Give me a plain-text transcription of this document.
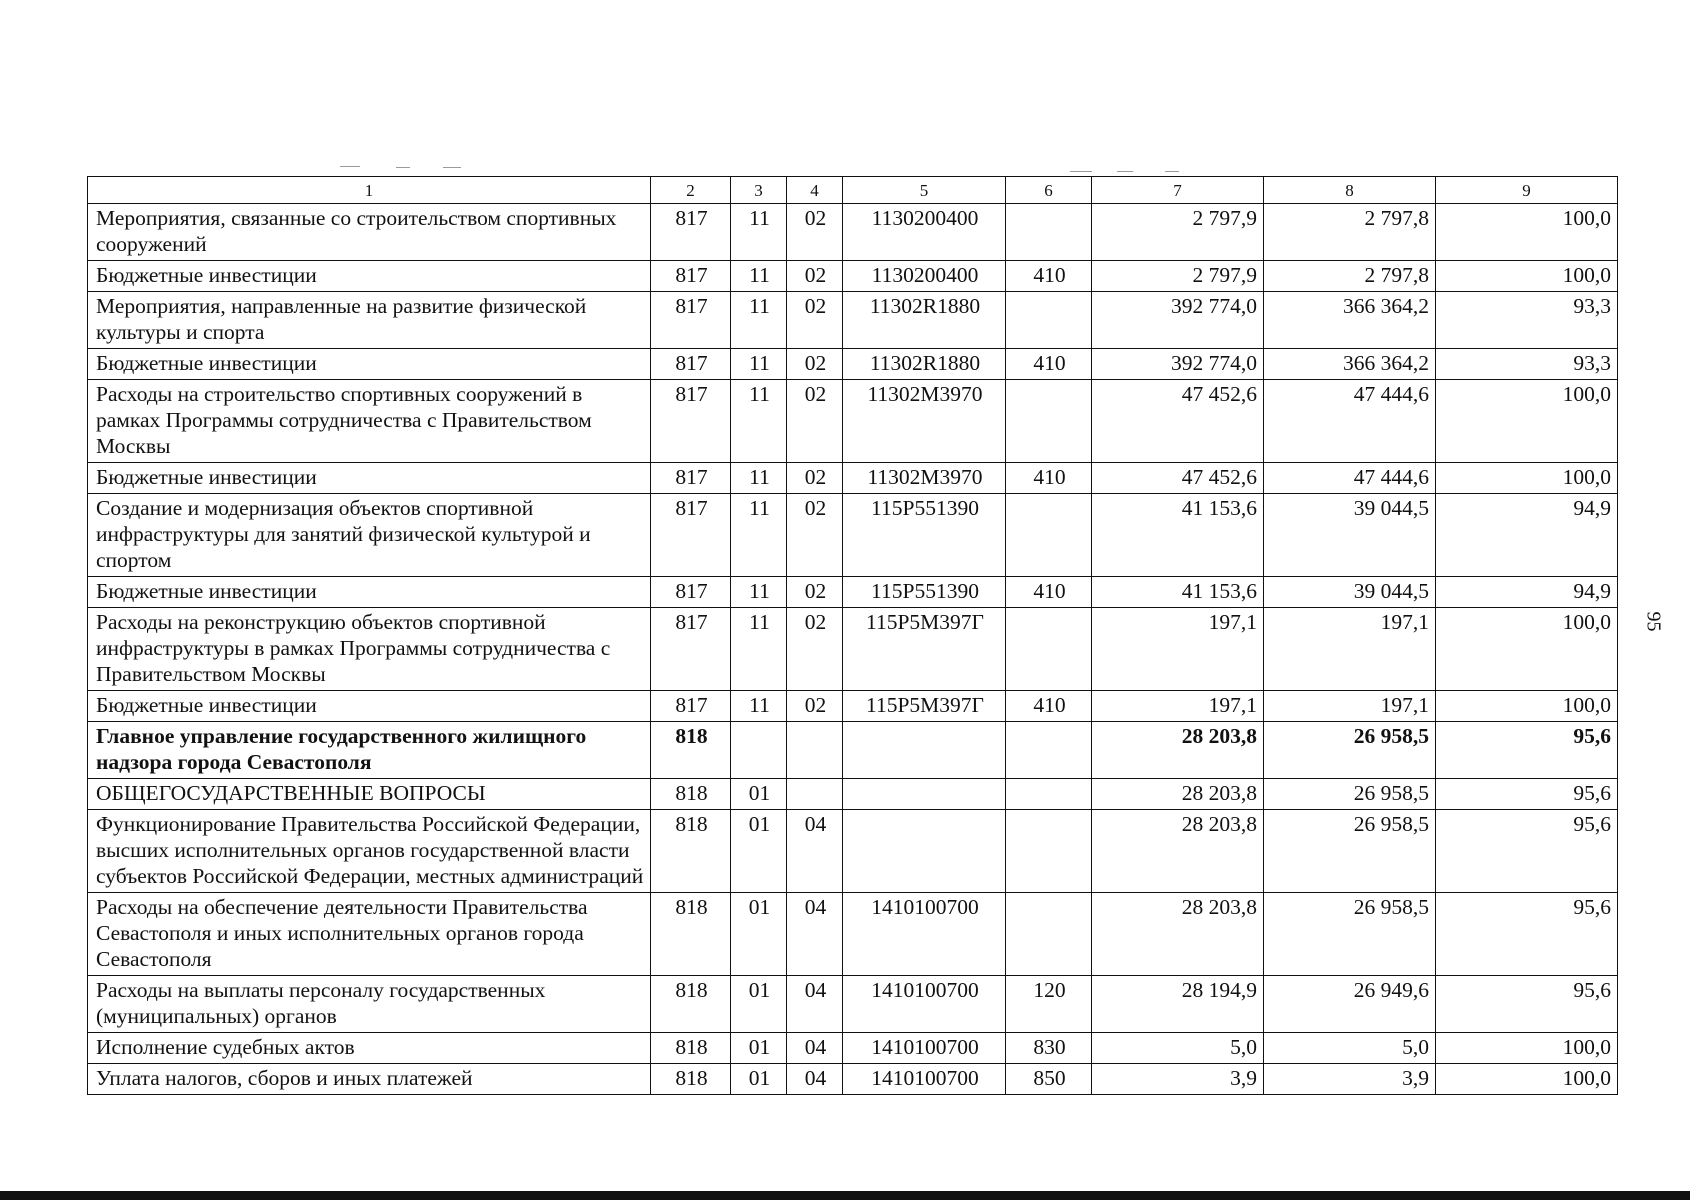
1	2	3	4	5	6	7	8	9
Мероприятия, связанные со строительством спортивных сооружений	817	11	02	1130200400		2 797,9	2 797,8	100,0
Бюджетные инвестиции	817	11	02	1130200400	410	2 797,9	2 797,8	100,0
Мероприятия, направленные на развитие физической культуры и спорта	817	11	02	11302R1880		392 774,0	366 364,2	93,3
Бюджетные инвестиции	817	11	02	11302R1880	410	392 774,0	366 364,2	93,3
Расходы на строительство спортивных сооружений в рамках Программы сотрудничества с Правительством Москвы	817	11	02	11302М3970		47 452,6	47 444,6	100,0
Бюджетные инвестиции	817	11	02	11302М3970	410	47 452,6	47 444,6	100,0
Создание и модернизация объектов спортивной инфраструктуры для занятий физической культурой и спортом	817	11	02	115P551390		41 153,6	39 044,5	94,9
Бюджетные инвестиции	817	11	02	115P551390	410	41 153,6	39 044,5	94,9
Расходы на реконструкцию объектов спортивной инфраструктуры в рамках Программы сотрудничества с Правительством Москвы	817	11	02	115P5М397Г		197,1	197,1	100,0
Бюджетные инвестиции	817	11	02	115P5М397Г	410	197,1	197,1	100,0
Главное управление государственного жилищного надзора города Севастополя	818					28 203,8	26 958,5	95,6
ОБЩЕГОСУДАРСТВЕННЫЕ ВОПРОСЫ	818	01				28 203,8	26 958,5	95,6
Функционирование Правительства Российской Федерации, высших исполнительных органов государственной власти субъектов Российской Федерации, местных администраций	818	01	04			28 203,8	26 958,5	95,6
Расходы на обеспечение деятельности Правительства Севастополя и иных исполнительных органов города Севастополя	818	01	04	1410100700		28 203,8	26 958,5	95,6
Расходы на выплаты персоналу государственных (муниципальных) органов	818	01	04	1410100700	120	28 194,9	26 949,6	95,6
Исполнение судебных актов	818	01	04	1410100700	830	5,0	5,0	100,0
Уплата налогов, сборов и иных платежей	818	01	04	1410100700	850	3,9	3,9	100,0
95
